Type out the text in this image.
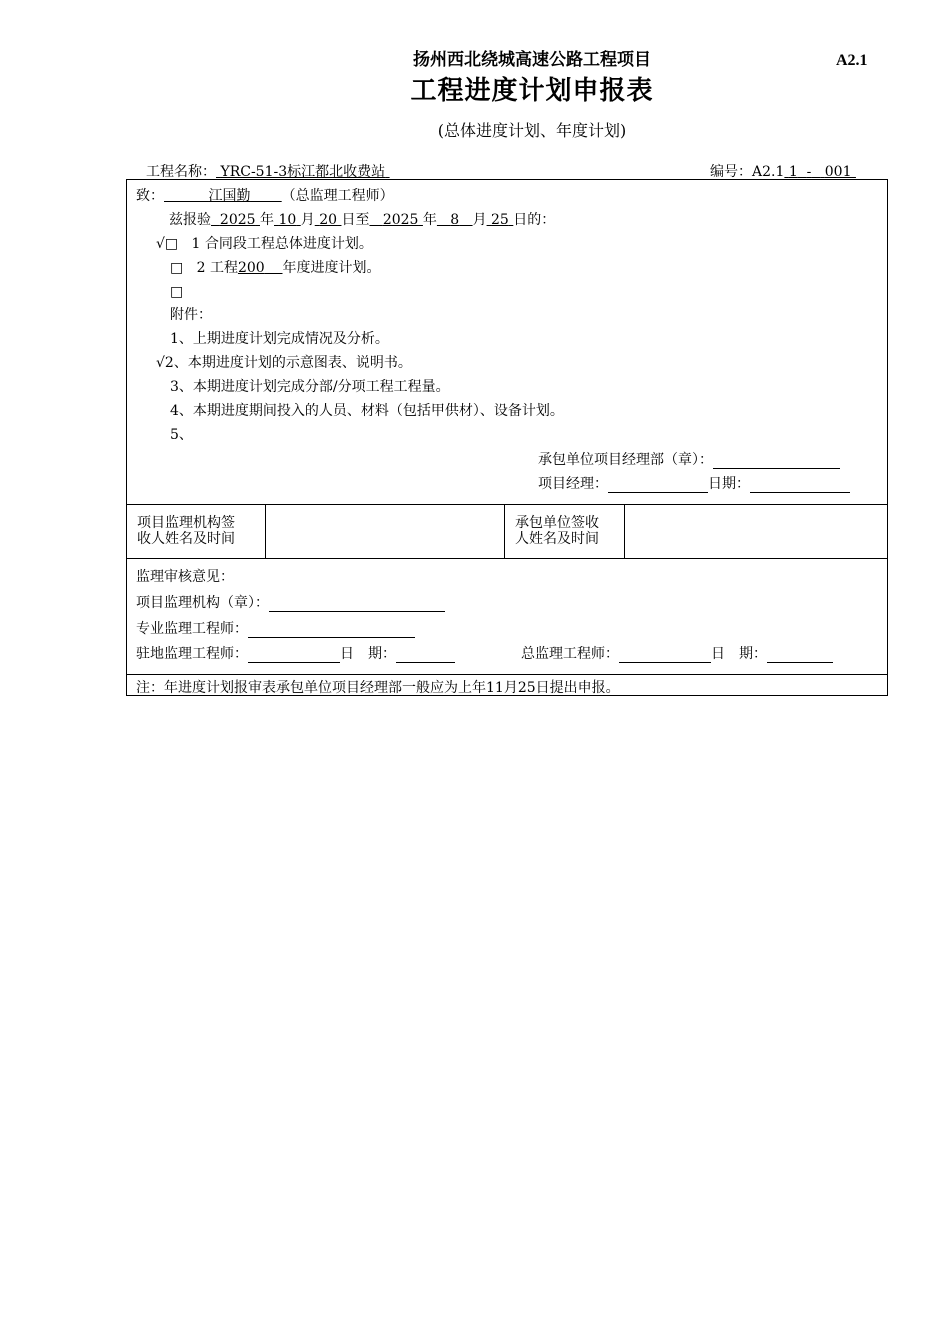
扬州西北绕城高速公路工程项目	A2.1
工程进度计划申报表
(总体进度计划、年度计划)
工程名称： YRC-51-3标江都北收费站	编号：A2.1 1 - 001
致：	江国勤 （总监理工程师）
兹报验 2025 年 10 月 20 日至 2025 年 8 月 25 日的：
√□ 1 合同段工程总体进度计划。
□ 2 工程200 年度进度计划。
□
附件：
1、上期进度计划完成情况及分析。
√2、本期进度计划的示意图表、说明书。
3、本期进度计划完成分部/分项工程工程量。
4、本期进度期间投入的人员、材料（包括甲供材）、设备计划。
5、
承包单位项目经理部（章）：
项目经理：	日期：
项目监理机构签
收人姓名及时间
承包单位签收
人姓名及时间
监理审核意见：
项目监理机构（章）：
专业监理工程师：
驻地监理工程师：	日　期：	总监理工程师：	日　期：
注：年进度计划报审表承包单位项目经理部一般应为上年11月25日提出申报。
